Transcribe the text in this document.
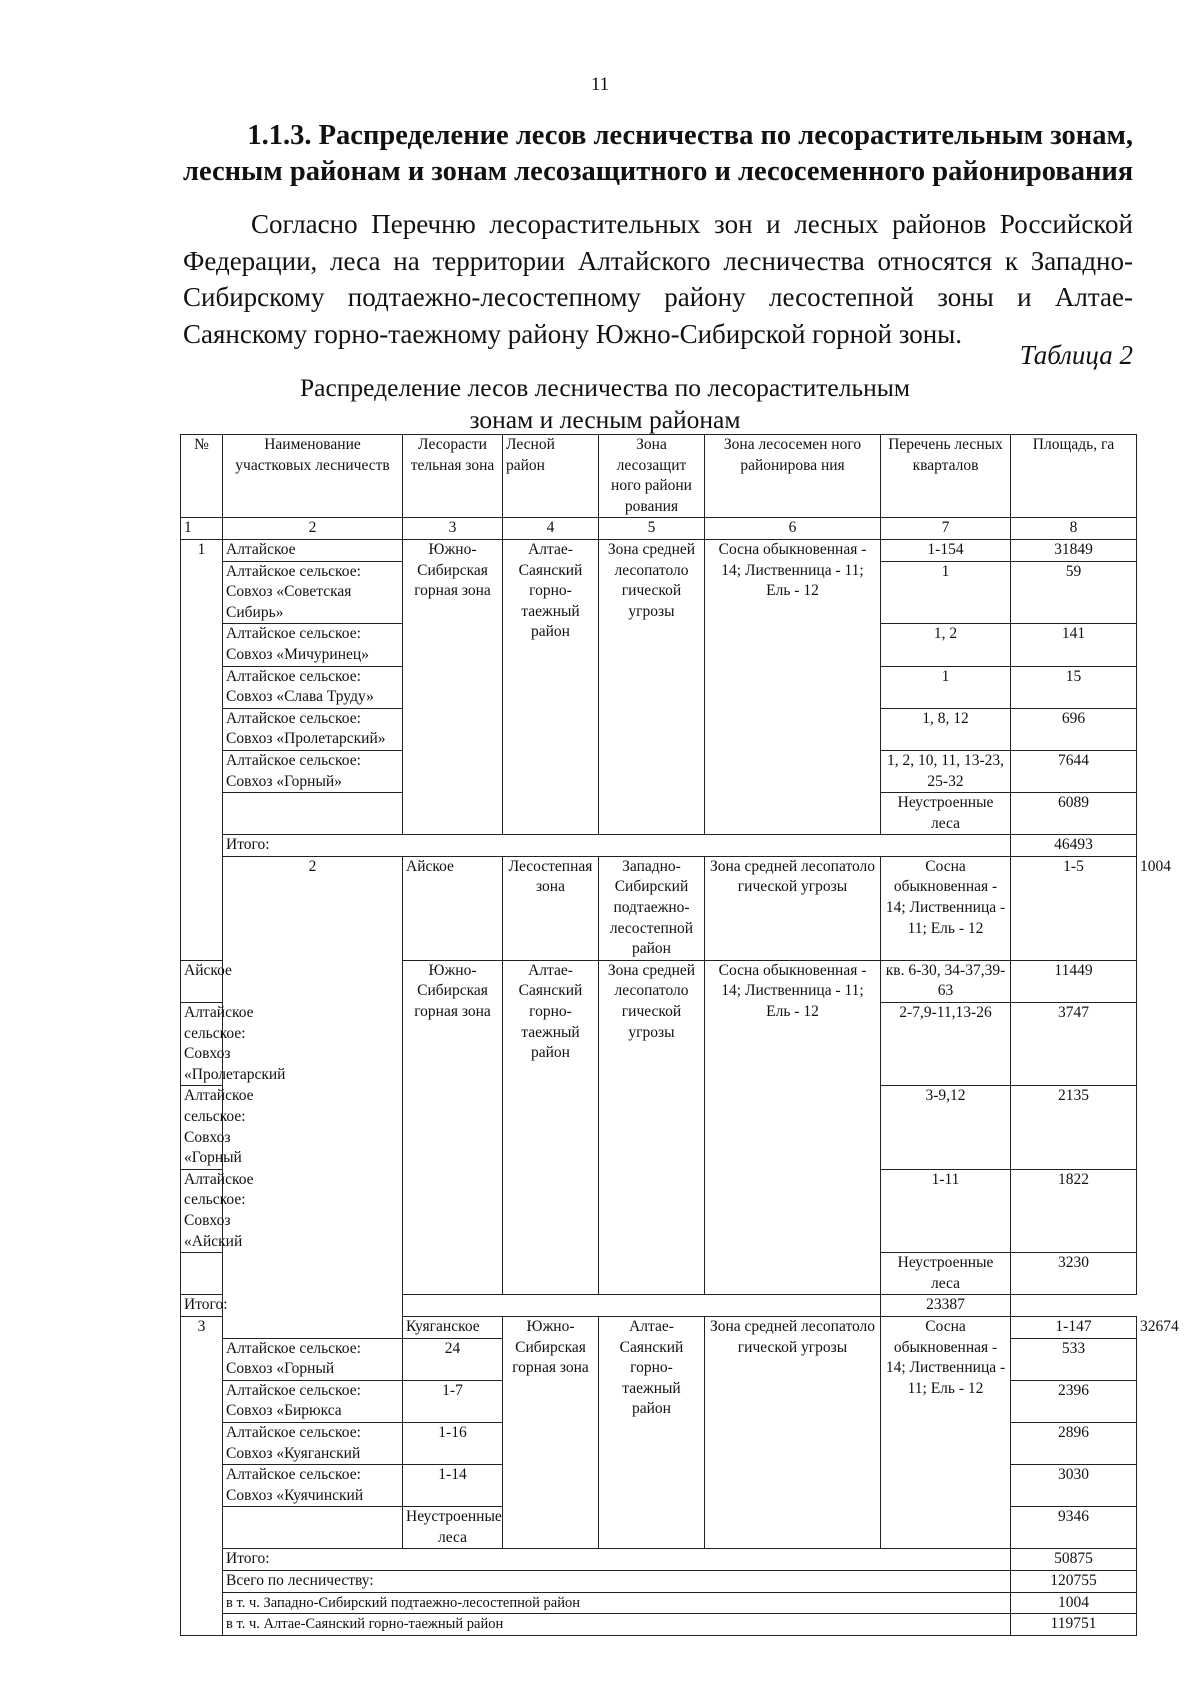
11
1.1.3. Распределение лесов лесничества по лесорастительным зонам,
лесным районам и зонам лесозащитного и лесосеменного районирования
Согласно Перечню лесорастительных зон и лесных районов Российской
Федерации, леса на территории Алтайского лесничества относятся к Западно-
Сибирскому подтаежно-лесостепному району лесостепной зоны и Алтае-
Саянскому горно-таежному району Южно-Сибирской горной зоны.
Таблица 2
Распределение лесов лесничества по лесорастительным
зонам и лесным районам
№	Наименование участковых лесничеств	Лесорасти тельная зона	Лесной район	Зона лесозащит ного райони рования	Зона лесосемен ного районирова ния	Перечень лесных кварталов	Площадь, га	
1	2	3	4	5	6	7	8	
1	Алтайское	Южно-Сибирская горная зона	Алтае-Саянский горно-таежный район	Зона средней лесопатоло гической угрозы	Сосна обыкновенная - 14; Лиственница - 11; Ель - 12	1-154	31849	
	Алтайское сельское: Совхоз «Советская Сибирь»					1	59	
	Алтайское сельское: Совхоз «Мичуринец»					1, 2	141	
	Алтайское сельское: Совхоз «Слава Труду»					1	15	
	Алтайское сельское: Совхоз «Пролетарский»					1, 8, 12	696	
	Алтайское сельское: Совхоз «Горный»					1, 2, 10, 11, 13-23, 25-32	7644	
						Неустроенные леса	6089	
	Итого:						46493	
	2	Айское	Лесостепная зона	Западно-Сибирский подтаежно-лесостепной район	Зона средней лесопатоло гической угрозы	Сосна обыкновенная - 14; Лиственница - 11; Ель - 12	1-5	1004
Айское		Южно-Сибирская горная зона	Алтае-Саянский горно-таежный район	Зона средней лесопатоло гической угрозы	Сосна обыкновенная - 14; Лиственница - 11; Ель - 12	кв. 6-30, 34-37,39-63	11449	
Алтайское сельское: Совхоз «Пролетарский						2-7,9-11,13-26	3747	
Алтайское сельское: Совхоз «Горный						3-9,12	2135	
Алтайское сельское: Совхоз «Айский						1-11	1822	
						Неустроенные леса	3230	
Итого:						23387		
3		Куяганское	Южно-Сибирская горная зона	Алтае-Саянский горно-таежный район	Зона средней лесопатоло гической угрозы	Сосна обыкновенная - 14; Лиственница - 11; Ель - 12	1-147	32674
	Алтайское сельское: Совхоз «Горный	24					533	
	Алтайское сельское: Совхоз «Бирюкса	1-7					2396	
	Алтайское сельское: Совхоз «Куяганский	1-16					2896	
	Алтайское сельское: Совхоз «Куячинский	1-14					3030	
		Неустроенные леса					9346	
	Итого:						50875	
	Всего по лесничеству:						120755	
	в т. ч. Западно-Сибирский подтаежно-лесостепной район						1004	
	в т. ч. Алтае-Саянский горно-таежный район						119751	
